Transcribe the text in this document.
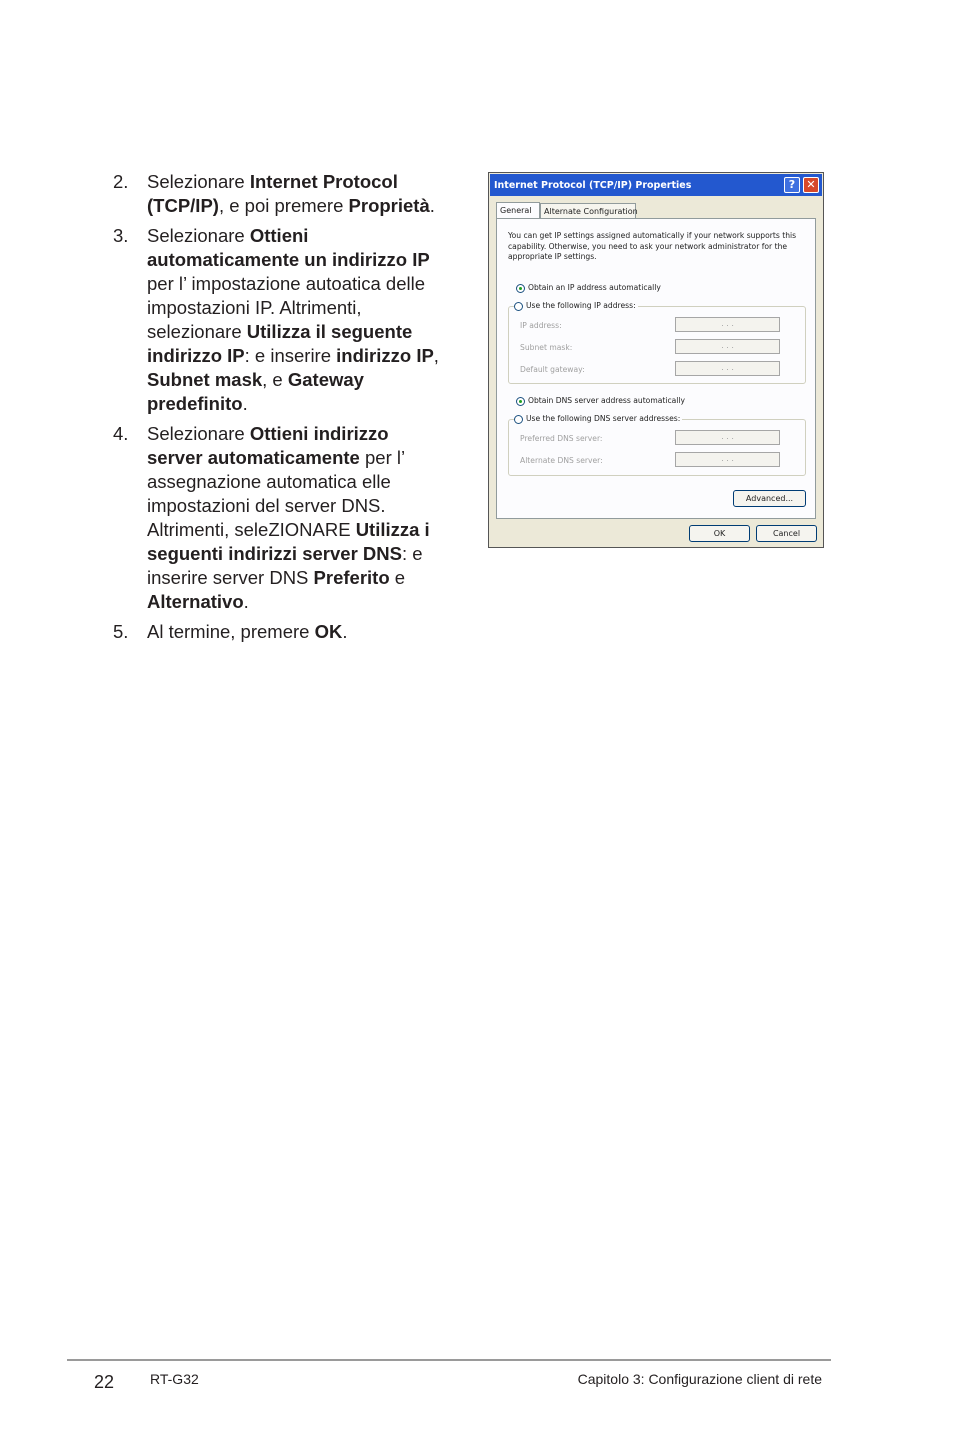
2. Selezionare Internet Protocol (TCP/IP), e poi premere Proprietà.

3. Selezionare Ottieni automaticamente un indirizzo IP per l’ impostazione autoatica delle impostazioni IP. Altrimenti, selezionare Utilizza il seguente indirizzo IP: e inserire indirizzo IP, Subnet mask, e Gateway predefinito.

4. Selezionare Ottieni indirizzo server automaticamente per l’ assegnazione automatica elle impostazioni del server DNS. Altrimenti, seleZIONARE Utilizza i seguenti indirizzi server DNS: e inserire server DNS Preferito e Alternativo.

5. Al termine, premere OK.

Internet Protocol (TCP/IP) Properties	?	✕
General	Alternate Configuration
You can get IP settings assigned automatically if your network supports this capability. Otherwise, you need to ask your network administrator for the appropriate IP settings.
Obtain an IP address automatically
IP address:	. . .
Subnet mask:	. . .
Default gateway:	. . .
Use the following IP address:
Obtain DNS server address automatically
Preferred DNS server:	. . .
Alternate DNS server:	. . .
Use the following DNS server addresses:
Advanced...
OK	Cancel
22	RT-G32	Capitolo 3: Configurazione client di rete
